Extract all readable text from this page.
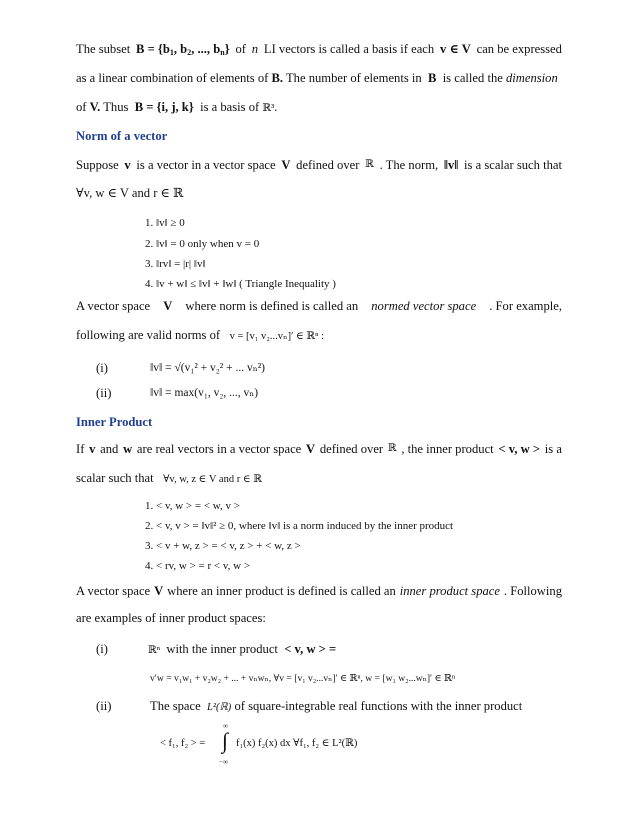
The subset $B = \{b_1$, $b_2$, ..., $b_n$} of n LI vectors is called a basis if each v ∈ V can be expressed
as a linear combination of elements of B. The number of elements in B is called the dimension
of V. Thus B = {i, j, k} is a basis of ℝ³.
Norm of a vector
Suppose v is a vector in a vector space V defined over ℝ . The norm, ‖v‖ is a scalar such that
∀v, w ∈ V and r ∈ ℝ
1. ‖v‖ ≥ 0
2. ‖v‖ = 0 only when v = 0
3. ‖rv‖ = |r| ‖v‖
4. ‖v + w‖ ≤ ‖v‖ + ‖w‖ ( Triangle Inequality )
A vector space V where norm is defined is called an normed vector space . For example,
following are valid norms of v = [v₁ v₂...vₙ]′ ∈ ℝⁿ :
(i)	‖v‖ = √(v₁² + v₂² + ... vₙ²)
(ii)	‖v‖ = max(v₁, v₂, ..., vₙ)
Inner Product
If v and w are real vectors in a vector space V defined over ℝ , the inner product < v, w > is a
scalar such that ∀v, w, z ∈ V and r ∈ ℝ
1. < v, w > = < w, v >
2. < v, v > = ‖v‖² ≥ 0, where ‖v‖ is a norm induced by the inner product
3. < v + w, z > = < v, z > + < w, z >
4. < rv, w > = r < v, w >
A vector space V where an inner product is defined is called an inner product space . Following
are examples of inner product spaces:
(i)	ℝⁿ with the inner product < v, w > =
v′w = v₁w₁ + v₂w₂ + ... + vₙwₙ, ∀v = [v₁ v₂...vₙ]′ ∈ ℝⁿ, w = [w₁ w₂...wₙ]′ ∈ ℝⁿ
(ii)	The space L²(ℝ) of square-integrable real functions with the inner product
< f₁, f₂ > =
∞
∫
−∞
f₁(x) f₂(x) dx ∀f₁, f₂ ∈ L²(ℝ)
